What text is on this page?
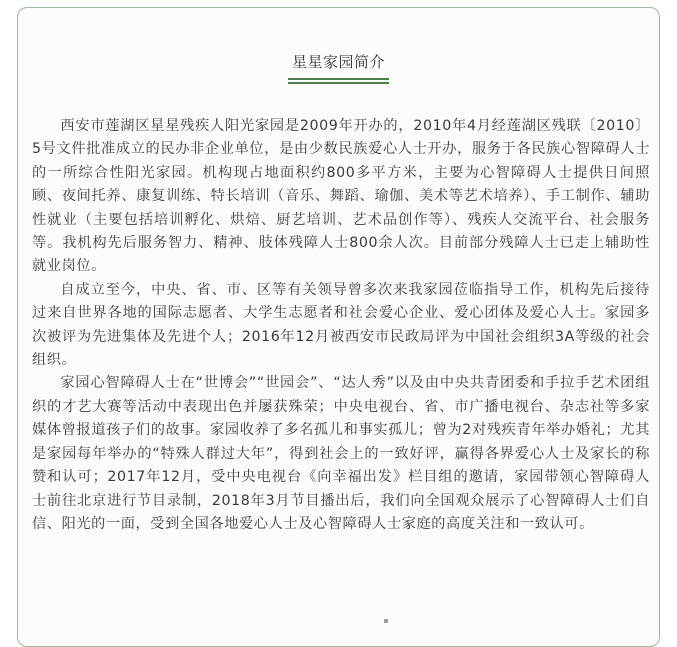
星星家园简介

西安市莲湖区星星残疾人阳光家园是2009年开办的，2010年4月经莲湖区残联〔2010〕5号文件批准成立的民办非企业单位，是由少数民族爱心人士开办，服务于各民族心智障碍人士的一所综合性阳光家园。机构现占地面积约800多平方米，主要为心智障碍人士提供日间照顾、夜间托养、康复训练、特长培训（音乐、舞蹈、瑜伽、美术等艺术培养）、手工制作、辅助性就业（主要包括培训孵化、烘焙、厨艺培训、艺术品创作等）、残疾人交流平台、社会服务等。我机构先后服务智力、精神、肢体残障人士800余人次。目前部分残障人士已走上辅助性就业岗位。

自成立至今，中央、省、市、区等有关领导曾多次来我家园莅临指导工作，机构先后接待过来自世界各地的国际志愿者、大学生志愿者和社会爱心企业、爱心团体及爱心人士。家园多次被评为先进集体及先进个人；2016年12月被西安市民政局评为中国社会组织3A等级的社会组织。

家园心智障碍人士在“世博会”“世园会”、“达人秀”以及由中央共青团委和手拉手艺术团组织的才艺大赛等活动中表现出色并屡获殊荣；中央电视台、省、市广播电视台、杂志社等多家媒体曾报道孩子们的故事。家园收养了多名孤儿和事实孤儿；曾为2对残疾青年举办婚礼；尤其是家园每年举办的“特殊人群过大年”，得到社会上的一致好评，赢得各界爱心人士及家长的称赞和认可；2017年12月，受中央电视台《向幸福出发》栏目组的邀请，家园带领心智障碍人士前往北京进行节目录制，2018年3月节目播出后，我们向全国观众展示了心智障碍人士们自信、阳光的一面，受到全国各地爱心人士及心智障碍人士家庭的高度关注和一致认可。
